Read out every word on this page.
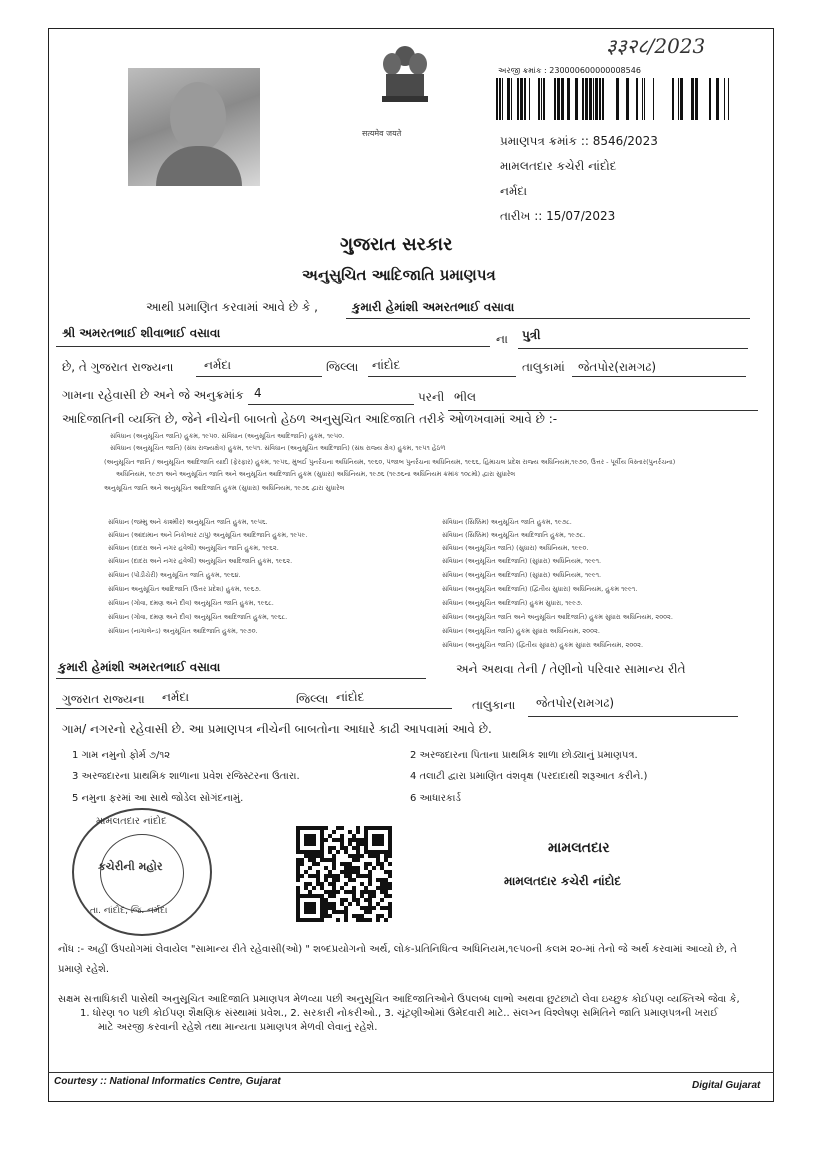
सत्यमेव जयते
३३२८/2023
અરજી ક્રમાંક : 230000600000008546
પ્રમાણપત્ર ક્રમાંક :: 8546/2023
મામલતદાર કચેરી નાંદોદ
નર્મદા
તારીખ :: 15/07/2023
ગુજરાત સરકાર
અનુસુચિત આદિજાતિ પ્રમાણપત્ર
આથી પ્રમાણિત કરવામાં આવે છે કે ,	કુમારી હેમાંશી અમરતભાઈ વસાવા
શ્રી અમરતભાઈ શીવાભાઈ વસાવા	ના પુત્રી
છે, તે ગુજરાત રાજ્યના	નર્મદા	જિલ્લા નાંદોદ	તાલુકામાં જેતપોર(રામગઢ)
ગામના રહેવાસી છે અને જે અનુક્રમાંક 4	પરની ભીલ
આદિજાતિની વ્યક્તિ છે, જેને નીચેની બાબતો હેઠળ અનુસુચિત આદિજાતિ તરીકે ઓળખવામાં આવે છે :-
સંવિધાન (અનુસૂચિત જાતિ) હુકમ, ૧૯૫૦. સંવિધાન (અનુસૂચિત આદિજાતિ) હુકમ, ૧૯૫૦.
સંવિધાન (અનુસૂચિત જાતિ) (સંઘ રાજ્યક્ષેત્ર) હુકમ, ૧૯૫૧. સંવિધાન (અનુસૂચિત આદિજાતિ) (સંઘ રાજ્ય ક્ષેત્ર) હુકમ, ૧૯૫૧ હેઠળ
(અનુસૂચિત જાતિ / અનુસૂચિત આદિજાતિ યાદી (ફેરફાર) હુકમ, ૧૯૫૬, મુંબઈ પુનર્રચના અધિનિયમ, ૧૯૬૦, પંજાબ પુનર્રચના અધિનિયમ, ૧૯૬૬, હિમાચલ પ્રદેશ રાજ્ય અધિનિયમ,૧૯૭૦, ઉત્તર - પૂર્વીય વિસ્તાર(પુનર્રચના)
અધિનિયમ, ૧૯૭૧ અને અનુસૂચિત જાતિ અને અનુસૂચિત આદિજાતિ હુકમ (સુધારા) અધિનિયમ, ૧૯૭૬ (૧૯૭૬ના અધિનિયમ ક્રમાંક ૧૦૮મો) દ્વારા સુધારેલ
અનુસૂચિત જાતિ અને અનુસૂચિત આદિજાતિ હુકમ (સુધારા) અધિનિયમ, ૧૯૭૬ દ્વારા સુધારેલ
સંવિધાન (જમ્મુ અને કાશ્મીર) અનુસૂચિત જાતિ હુકમ, ૧૯૫૬.
સંવિધાન (આંદામાન અને નિકોબાર ટાપુ) અનુસૂચિત આદિજાતિ હુકમ, ૧૯૫૯.
સંવિધાન (દાદરા અને નગર હવેલી) અનુસૂચિત જાતિ હુકમ, ૧૯૬૨.
સંવિધાન (દાદરા અને નગર હવેલી) અનુસૂચિત આદિજાતિ હુકમ, ૧૯૬૨.
સંવિધાન (પોંડીચેરી) અનુસૂચિત જાતિ હુકમ, ૧૯૬૪.
સંવિધાન અનુસૂચિત આદિજાતિ (ઉત્તર પ્રદેશ) હુકમ, ૧૯૬૭.
સંવિધાન (ગોવા, દમણ અને દીવ) અનુસૂચિત જાતિ હુકમ, ૧૯૬૮.
સંવિધાન (ગોવા, દમણ અને દીવ) અનુસૂચિત આદિજાતિ હુકમ, ૧૯૬૮.
સંવિધાન (નાગાલેન્ડ) અનુસૂચિત આદિજાતિ હુકમ, ૧૯૭૦.
સંવિધાન (સિક્કિમ) અનુસૂચિત જાતિ હુકમ, ૧૯૭૮.
સંવિધાન (સિક્કિમ) અનુસૂચિત આદિજાતિ હુકમ, ૧૯૭૮.
સંવિધાન (અનુસૂચિત જાતિ) (સુધારા) અધિનિયમ, ૧૯૯૦.
સંવિધાન (અનુસૂચિત આદિજાતિ) (સુધારા) અધિનિયમ, ૧૯૯૧.
સંવિધાન (અનુસૂચિત આદિજાતિ) (સુધારા) અધિનિયમ, ૧૯૯૧.
સંવિધાન (અનુસૂચિત આદિજાતિ) (દ્વિતીય સુધારા) અધિનિયમ, હુકમ ૧૯૯૧.
સંવિધાન (અનુસૂચિત આદિજાતિ) હુકમ સુધારા, ૧૯૯૭.
સંવિધાન (અનુસૂચિત જાતિ અને અનુસૂચિત આદિજાતિ) હુકમ સુધારા અધિનિયમ, ૨૦૦૨.
સંવિધાન (અનુસૂચિત જાતિ) હુકમ સુધારા અધિનિયમ, ૨૦૦૨.
સંવિધાન (અનુસૂચિત જાતિ) (દ્વિતીય સુધારા) હુકમ સુધારા અધિનિયમ, ૨૦૦૨.
કુમારી હેમાંશી અમરતભાઈ વસાવા	અને અથવા તેની / તેણીનો પરિવાર સામાન્ય રીતે
ગુજરાત રાજ્યના નર્મદા	જિલ્લા નાંદોદ
તાલુકાના જેતપોર(રામગઢ)
ગામ/ નગરનો રહેવાસી છે. આ પ્રમાણપત્ર નીચેની બાબતોના આધારે કાઢી આપવામાં આવે છે.
1 ગામ નમુનો ફોર્મ ૭/૧૨
3 અરજદારના પ્રાથમિક શાળાના પ્રવેશ રજિસ્ટરના ઉતારા.
5 નમુના ફરમાં આ સાથે જોડેલ સોગંદનામું.
2 અરજદારના પિતાના પ્રાથમિક શાળા છોડ્યાનું પ્રમાણપત્ર.
4 તલાટી દ્વારા પ્રમાણિત વંશવૃક્ષ (પરદાદાથી શરૂઆત કરીને.)
6 આધારકાર્ડ
મામલતદાર નાંદોદ
કચેરીની મહોર
તા. નાંદોદ, જિ. નર્મદા
મામલતદાર
મામલતદાર કચેરી નાંદોદ
નોંધ :- અહીં ઉપયોગમાં લેવાયેલ "સામાન્ય રીતે રહેવાસી(ઓ) " શબ્દપ્રયોગનો અર્થ, લોક-પ્રતિનિધિત્વ અધિનિયમ,૧૯૫૦ની કલમ ૨૦-માં તેનો જે અર્થ કરવામાં આવ્યો છે, તે
પ્રમાણે રહેશે.
સક્ષમ સત્તાધિકારી પાસેથી અનુસૂચિત આદિજાતિ પ્રમાણપત્ર મેળવ્યા પછી અનુસૂચિત આદિજાતિઓને ઉપલબ્ધ લાભો અથવા છુટછાટો લેવા ઇચ્છુક કોઈપણ વ્યક્તિએ જેવા કે,
1. ધોરણ ૧૦ પછી કોઈપણ શૈક્ષણિક સંસ્થામાં પ્રવેશ., 2. સરકારી નોકરીઓ., 3. ચૂંટણીઓમાં ઉમેદવારી માટે.. સંલગ્ન વિશ્લેષણ સમિતિને જાતિ પ્રમાણપત્રની ખરાઈ
માટે અરજી કરવાની રહેશે તથા માન્યતા પ્રમાણપત્ર મેળવી લેવાનું રહેશે.
Courtesy :: National Informatics Centre, Gujarat	Digital Gujarat
